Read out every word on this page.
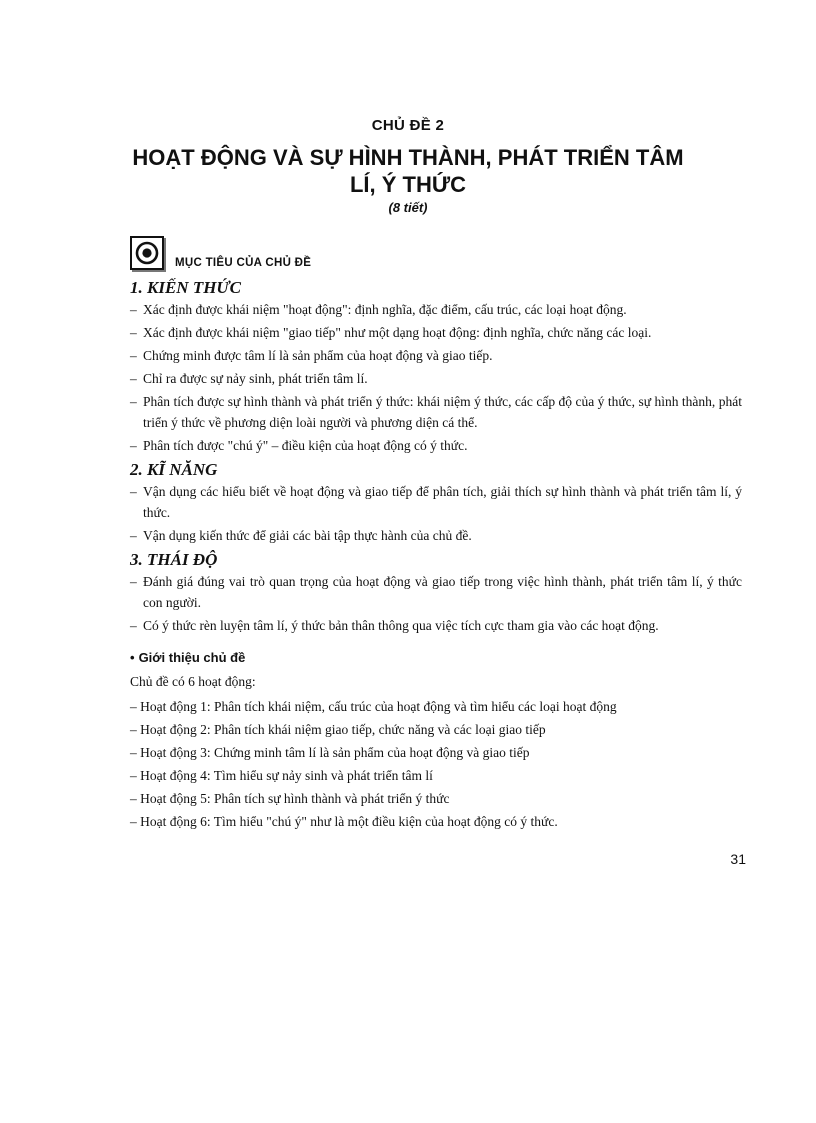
CHỦ ĐỀ 2
HOẠT ĐỘNG VÀ SỰ HÌNH THÀNH, PHÁT TRIỂN TÂM LÍ, Ý THỨC
(8 tiết)
MỤC TIÊU CỦA CHỦ ĐỀ
1. KIẾN THỨC
– Xác định được khái niệm "hoạt động": định nghĩa, đặc điểm, cấu trúc, các loại hoạt động.
– Xác định được khái niệm "giao tiếp" như một dạng hoạt động: định nghĩa, chức năng các loại.
– Chứng minh được tâm lí là sản phẩm của hoạt động và giao tiếp.
– Chỉ ra được sự nảy sinh, phát triển tâm lí.
– Phân tích được sự hình thành và phát triển ý thức: khái niệm ý thức, các cấp độ của ý thức, sự hình thành, phát triển ý thức về phương diện loài người và phương diện cá thể.
– Phân tích được "chú ý" – điều kiện của hoạt động có ý thức.
2. KĨ NĂNG
– Vận dụng các hiểu biết về hoạt động và giao tiếp để phân tích, giải thích sự hình thành và phát triển tâm lí, ý thức.
– Vận dụng kiến thức để giải các bài tập thực hành của chủ đề.
3. THÁI ĐỘ
– Đánh giá đúng vai trò quan trọng của hoạt động và giao tiếp trong việc hình thành, phát triển tâm lí, ý thức con người.
– Có ý thức rèn luyện tâm lí, ý thức bản thân thông qua việc tích cực tham gia vào các hoạt động.
• Giới thiệu chủ đề
Chủ đề có 6 hoạt động:
– Hoạt động 1: Phân tích khái niệm, cấu trúc của hoạt động và tìm hiểu các loại hoạt động
– Hoạt động 2: Phân tích khái niệm giao tiếp, chức năng và các loại giao tiếp
– Hoạt động 3: Chứng minh tâm lí là sản phẩm của hoạt động và giao tiếp
– Hoạt động 4: Tìm hiểu sự nảy sinh và phát triển tâm lí
– Hoạt động 5: Phân tích sự hình thành và phát triển ý thức
– Hoạt động 6: Tìm hiểu "chú ý" như là một điều kiện của hoạt động có ý thức.
31
